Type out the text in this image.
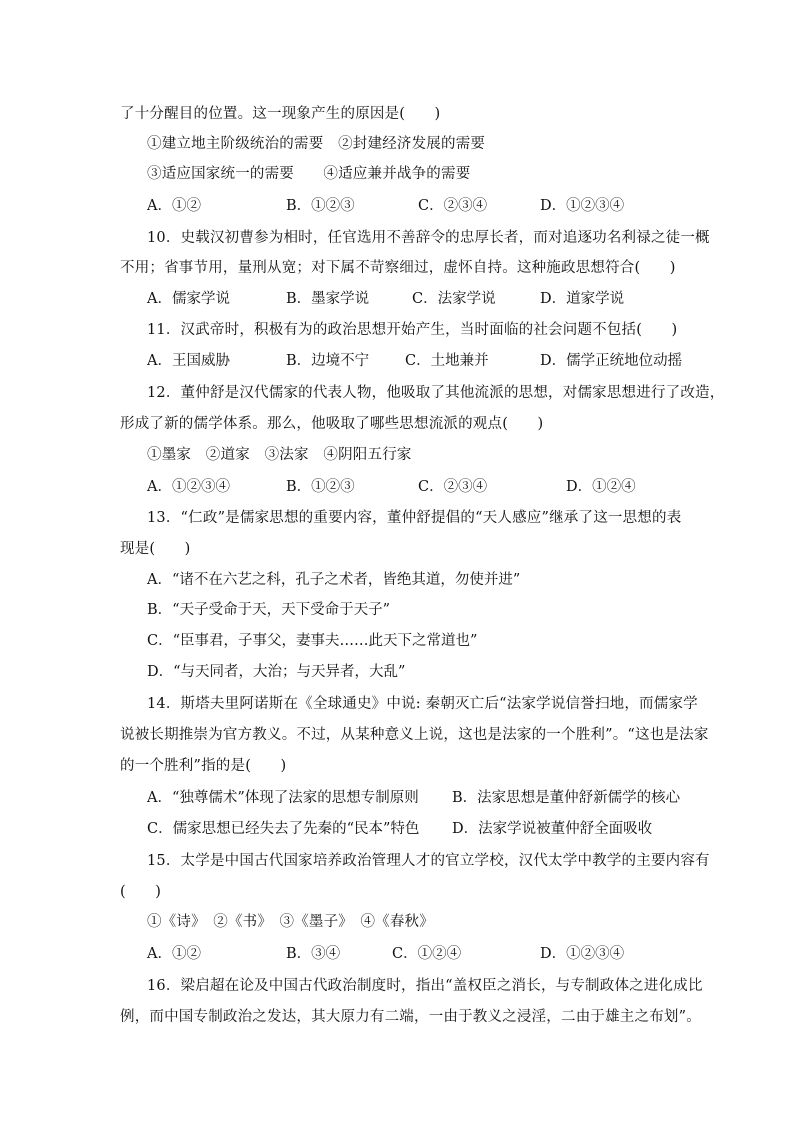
了十分醒目的位置。这一现象产生的原因是(　　)
①建立地主阶级统治的需要　②封建经济发展的需要
③适应国家统一的需要　　④适应兼并战争的需要
A．①②	B．①②③	C．②③④	D．①②③④
10．史载汉初曹参为相时，任官选用不善辞令的忠厚长者，而对追逐功名利禄之徒一概
不用；省事节用，量刑从宽；对下属不苛察细过，虚怀自持。这种施政思想符合(　　)
A．儒家学说	B．墨家学说	C．法家学说	D．道家学说
11．汉武帝时，积极有为的政治思想开始产生，当时面临的社会问题不包括(　　)
A．王国威胁	B．边境不宁 C．土地兼并	D．儒学正统地位动摇
12．董仲舒是汉代儒家的代表人物，他吸取了其他流派的思想，对儒家思想进行了改造，
形成了新的儒学体系。那么，他吸取了哪些思想流派的观点(　　)
①墨家　②道家　③法家　④阴阳五行家
A．①②③④	B．①②③	C．②③④	D．①②④
13．“仁政”是儒家思想的重要内容，董仲舒提倡的“天人感应”继承了这一思想的表
现是(　　)
A．“诸不在六艺之科，孔子之术者，皆绝其道，勿使并进”
B．“天子受命于天，天下受命于天子”
C．“臣事君，子事父，妻事夫……此天下之常道也”
D．“与天同者，大治；与天异者，大乱”
14．斯塔夫里阿诺斯在《全球通史》中说: 秦朝灭亡后“法家学说信誉扫地，而儒家学
说被长期推崇为官方教义。不过，从某种意义上说，这也是法家的一个胜利”。“这也是法家
的一个胜利”指的是(　　)
A．“独尊儒术”体现了法家的思想专制原则 B．法家思想是董仲舒新儒学的核心
C．儒家思想已经失去了先秦的“民本”特色 D．法家学说被董仲舒全面吸收
15．太学是中国古代国家培养政治管理人才的官立学校，汉代太学中教学的主要内容有
(　　)
①《诗》　②《书》　③《墨子》　④《春秋》
A．①②	B．③④	C．①②④	D．①②③④
16．梁启超在论及中国古代政治制度时，指出“盖权臣之消长，与专制政体之进化成比
例，而中国专制政治之发达，其大原力有二端，一由于教义之浸淫，二由于雄主之布划”。
